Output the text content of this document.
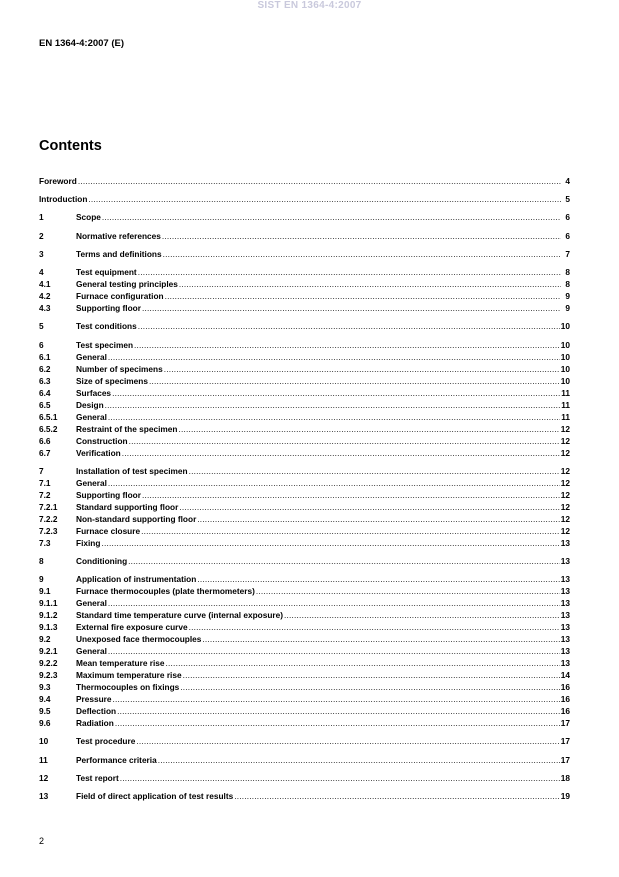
SIST EN 1364-4:2007
EN 1364-4:2007 (E)
Contents
Foreword .....	4
Introduction .....	5
1	Scope .....	6
2	Normative references .....	6
3	Terms and definitions .....	7
4	Test equipment .....	8
4.1	General testing principles .....	8
4.2	Furnace configuration .....	9
4.3	Supporting floor .....	9
5	Test conditions .....	10
6	Test specimen .....	10
6.1	General .....	10
6.2	Number of specimens .....	10
6.3	Size of specimens .....	10
6.4	Surfaces .....	11
6.5	Design .....	11
6.5.1	General .....	11
6.5.2	Restraint of the specimen .....	12
6.6	Construction .....	12
6.7	Verification .....	12
7	Installation of test specimen .....	12
7.1	General .....	12
7.2	Supporting floor .....	12
7.2.1	Standard supporting floor .....	12
7.2.2	Non-standard supporting floor .....	12
7.2.3	Furnace closure .....	12
7.3	Fixing .....	13
8	Conditioning .....	13
9	Application of instrumentation .....	13
9.1	Furnace thermocouples (plate thermometers) .....	13
9.1.1	General .....	13
9.1.2	Standard time temperature curve (internal exposure) .....	13
9.1.3	External fire exposure curve .....	13
9.2	Unexposed face thermocouples .....	13
9.2.1	General .....	13
9.2.2	Mean temperature rise .....	13
9.2.3	Maximum temperature rise .....	14
9.3	Thermocouples on fixings .....	16
9.4	Pressure .....	16
9.5	Deflection .....	16
9.6	Radiation .....	17
10	Test procedure .....	17
11	Performance criteria .....	17
12	Test report .....	18
13	Field of direct application of test results .....	19
2
